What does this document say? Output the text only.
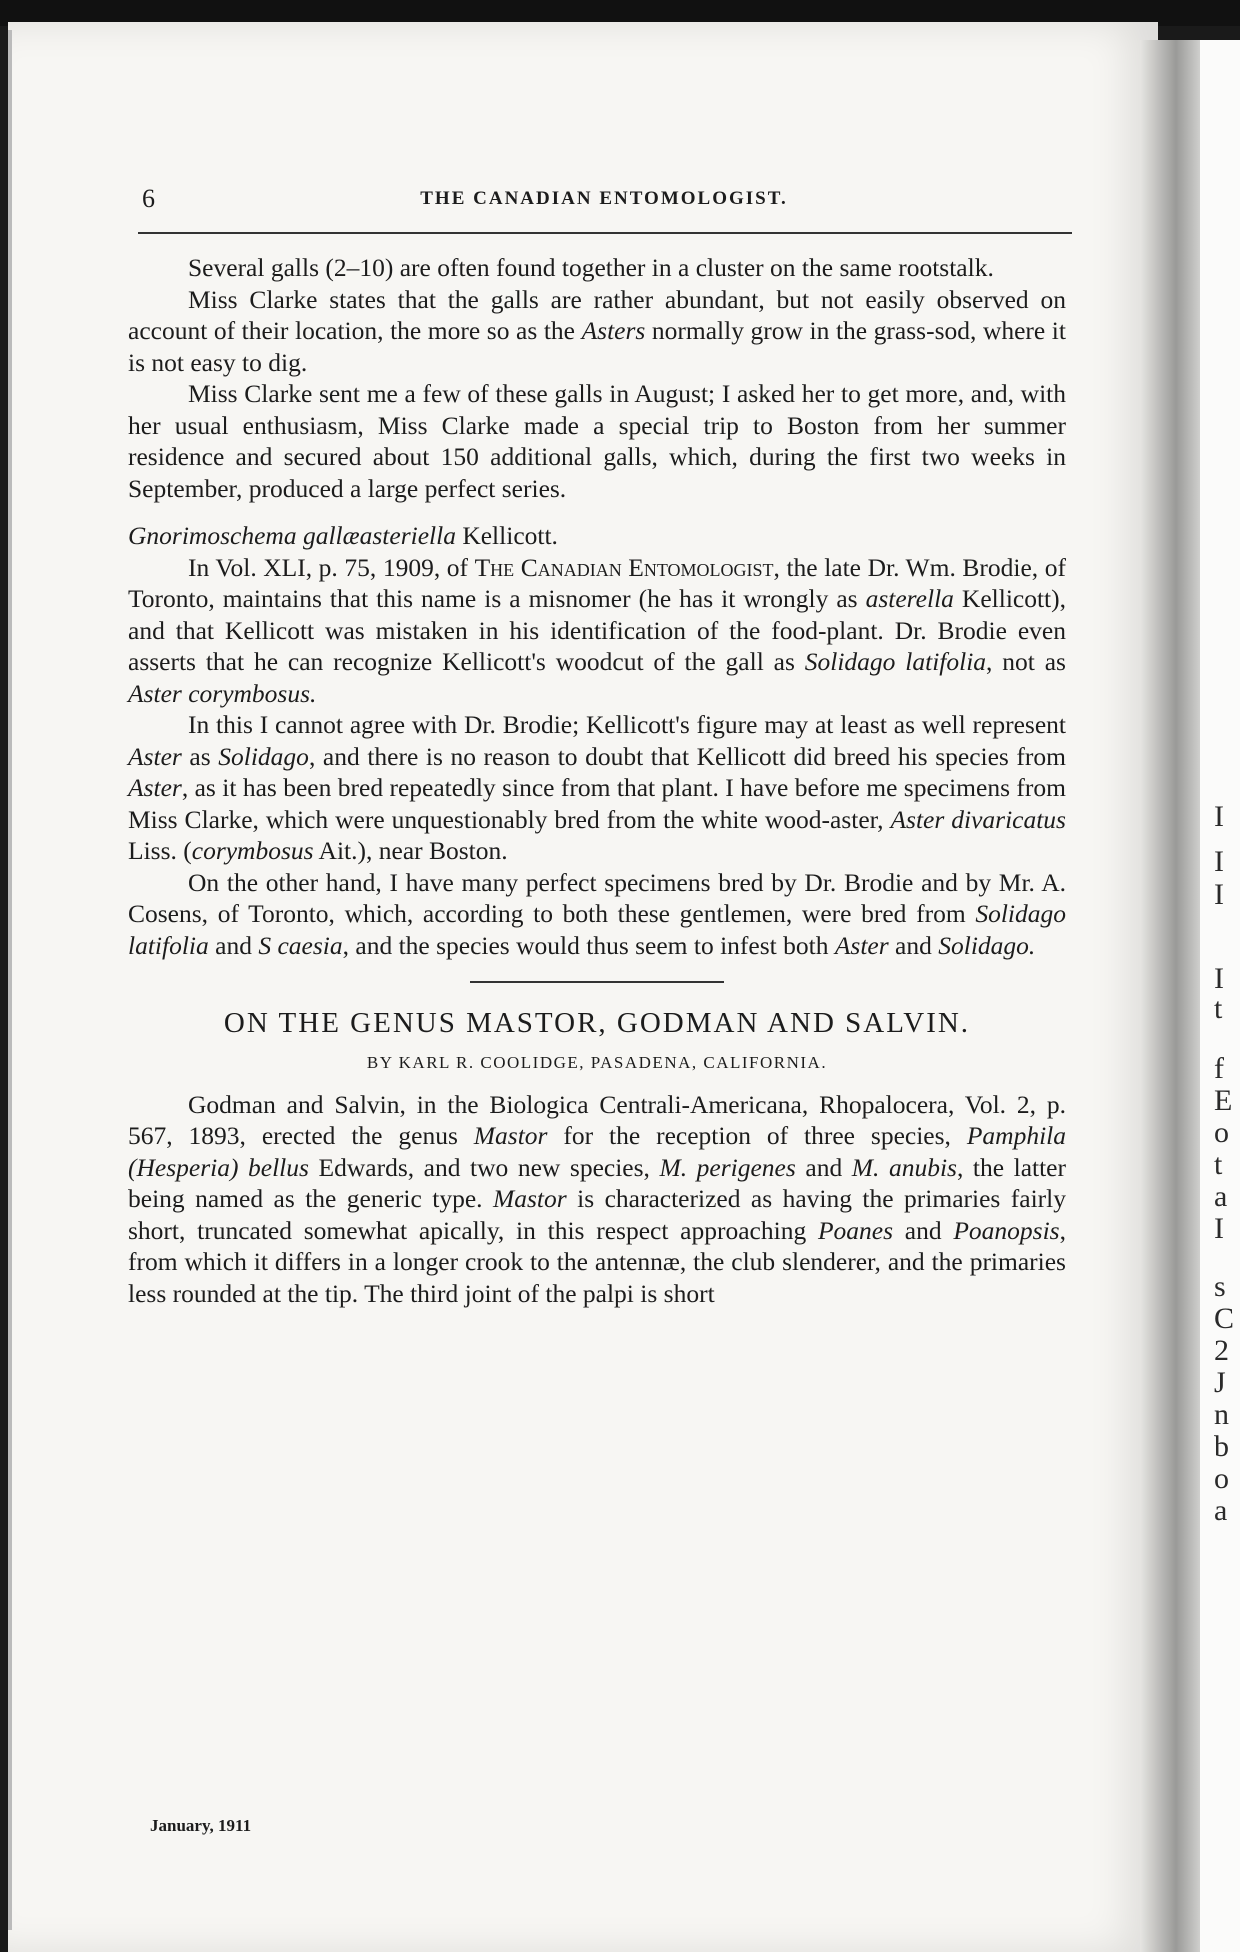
I
I
I
I
t
f
E
o
t
a
I
s
C
2
J
n
b
o
a
6	THE CANADIAN ENTOMOLOGIST.

Several galls (2–10) are often found together in a cluster on the same rootstalk.

Miss Clarke states that the galls are rather abundant, but not easily observed on account of their location, the more so as the Asters normally grow in the grass-sod, where it is not easy to dig.

Miss Clarke sent me a few of these galls in August; I asked her to get more, and, with her usual enthusiasm, Miss Clarke made a special trip to Boston from her summer residence and secured about 150 additional galls, which, during the first two weeks in September, produced a large perfect series.

Gnorimoschema gallæasteriella Kellicott.

In Vol. XLI, p. 75, 1909, of The Canadian Entomologist, the late Dr. Wm. Brodie, of Toronto, maintains that this name is a misnomer (he has it wrongly as asterella Kellicott), and that Kellicott was mistaken in his identification of the food-plant. Dr. Brodie even asserts that he can recognize Kellicott's woodcut of the gall as Solidago latifolia, not as Aster corymbosus.

In this I cannot agree with Dr. Brodie; Kellicott's figure may at least as well represent Aster as Solidago, and there is no reason to doubt that Kellicott did breed his species from Aster, as it has been bred repeatedly since from that plant. I have before me specimens from Miss Clarke, which were unquestionably bred from the white wood-aster, Aster divaricatus Liss. (corymbosus Ait.), near Boston.

On the other hand, I have many perfect specimens bred by Dr. Brodie and by Mr. A. Cosens, of Toronto, which, according to both these gentlemen, were bred from Solidago latifolia and S caesia, and the species would thus seem to infest both Aster and Solidago.

ON THE GENUS MASTOR, GODMAN AND SALVIN.

BY KARL R. COOLIDGE, PASADENA, CALIFORNIA.

Godman and Salvin, in the Biologica Centrali-Americana, Rhopalocera, Vol. 2, p. 567, 1893, erected the genus Mastor for the reception of three species, Pamphila (Hesperia) bellus Edwards, and two new species, M. perigenes and M. anubis, the latter being named as the generic type. Mastor is characterized as having the primaries fairly short, truncated somewhat apically, in this respect approaching Poanes and Poanopsis, from which it differs in a longer crook to the antennæ, the club slenderer, and the primaries less rounded at the tip. The third joint of the palpi is short

January, 1911
